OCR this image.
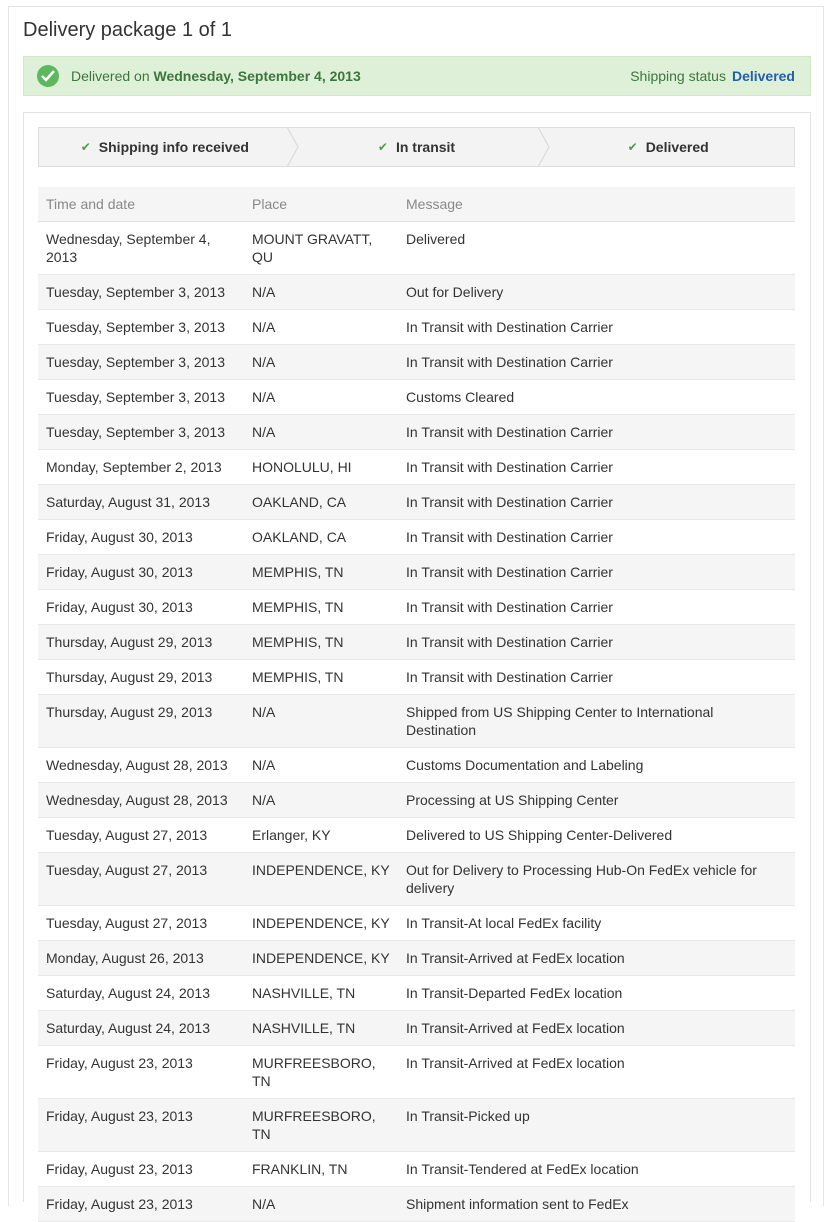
Delivery package 1 of 1
Delivered on Wednesday, September 4, 2013	Shipping status Delivered
✔ Shipping info received	✔ In transit	✔ Delivered
Time and date	Place	Message
Wednesday, September 4, 2013	MOUNT GRAVATT, QU	Delivered
Tuesday, September 3, 2013	N/A	Out for Delivery
Tuesday, September 3, 2013	N/A	In Transit with Destination Carrier
Tuesday, September 3, 2013	N/A	In Transit with Destination Carrier
Tuesday, September 3, 2013	N/A	Customs Cleared
Tuesday, September 3, 2013	N/A	In Transit with Destination Carrier
Monday, September 2, 2013	HONOLULU, HI	In Transit with Destination Carrier
Saturday, August 31, 2013	OAKLAND, CA	In Transit with Destination Carrier
Friday, August 30, 2013	OAKLAND, CA	In Transit with Destination Carrier
Friday, August 30, 2013	MEMPHIS, TN	In Transit with Destination Carrier
Friday, August 30, 2013	MEMPHIS, TN	In Transit with Destination Carrier
Thursday, August 29, 2013	MEMPHIS, TN	In Transit with Destination Carrier
Thursday, August 29, 2013	MEMPHIS, TN	In Transit with Destination Carrier
Thursday, August 29, 2013	N/A	Shipped from US Shipping Center to International Destination
Wednesday, August 28, 2013	N/A	Customs Documentation and Labeling
Wednesday, August 28, 2013	N/A	Processing at US Shipping Center
Tuesday, August 27, 2013	Erlanger, KY	Delivered to US Shipping Center-Delivered
Tuesday, August 27, 2013	INDEPENDENCE, KY	Out for Delivery to Processing Hub-On FedEx vehicle for delivery
Tuesday, August 27, 2013	INDEPENDENCE, KY	In Transit-At local FedEx facility
Monday, August 26, 2013	INDEPENDENCE, KY	In Transit-Arrived at FedEx location
Saturday, August 24, 2013	NASHVILLE, TN	In Transit-Departed FedEx location
Saturday, August 24, 2013	NASHVILLE, TN	In Transit-Arrived at FedEx location
Friday, August 23, 2013	MURFREESBORO, TN	In Transit-Arrived at FedEx location
Friday, August 23, 2013	MURFREESBORO, TN	In Transit-Picked up
Friday, August 23, 2013	FRANKLIN, TN	In Transit-Tendered at FedEx location
Friday, August 23, 2013	N/A	Shipment information sent to FedEx
